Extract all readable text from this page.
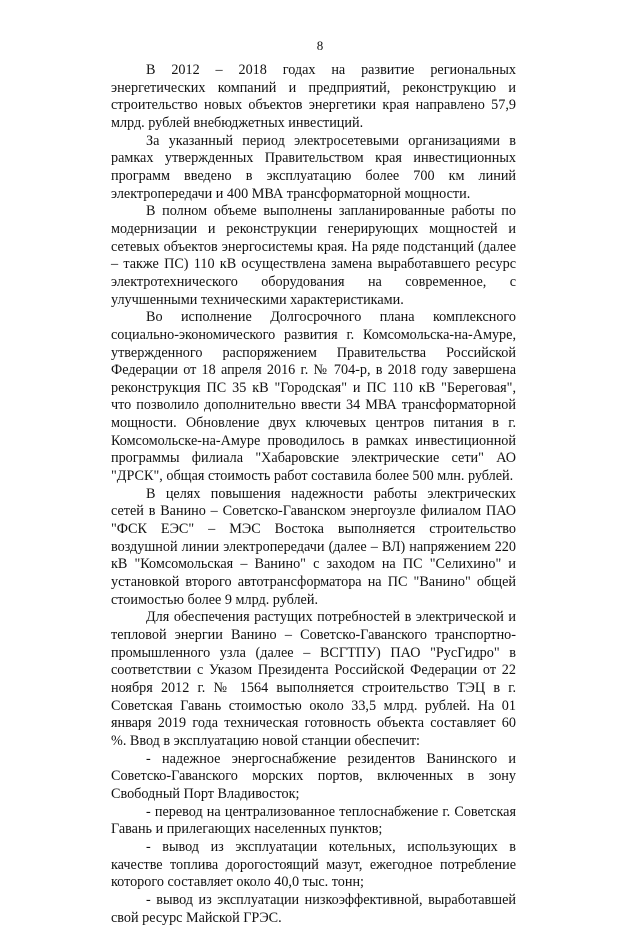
8

В 2012 – 2018 годах на развитие региональных энергетических компаний и предприятий, реконструкцию и строительство новых объектов энергетики края направлено 57,9 млрд. рублей внебюджетных инвестиций.

За указанный период электросетевыми организациями в рамках утвержденных Правительством края инвестиционных программ введено в эксплуатацию более 700 км линий электропередачи и 400 МВА трансформаторной мощности.

В полном объеме выполнены запланированные работы по модернизации и реконструкции генерирующих мощностей и сетевых объектов энергосистемы края. На ряде подстанций (далее – также ПС) 110 кВ осуществлена замена выработавшего ресурс электротехнического оборудования на современное, с улучшенными техническими характеристиками.

Во исполнение Долгосрочного плана комплексного социально-экономического развития г. Комсомольска-на-Амуре, утвержденного распоряжением Правительства Российской Федерации от 18 апреля 2016 г. № 704-р, в 2018 году завершена реконструкция ПС 35 кВ "Городская" и ПС 110 кВ "Береговая", что позволило дополнительно ввести 34 МВА трансформаторной мощности. Обновление двух ключевых центров питания в г. Комсомольске-на-Амуре проводилось в рамках инвестиционной программы филиала "Хабаровские электрические сети" АО "ДРСК", общая стоимость работ составила более 500 млн. рублей.

В целях повышения надежности работы электрических сетей в Ванино – Советско-Гаванском энергоузле филиалом ПАО "ФСК ЕЭС" – МЭС Востока выполняется строительство воздушной линии электропередачи (далее – ВЛ) напряжением 220 кВ "Комсомольская – Ванино" с заходом на ПС "Селихино" и установкой второго автотрансформатора на ПС "Ванино" общей стоимостью более 9 млрд. рублей.

Для обеспечения растущих потребностей в электрической и тепловой энергии Ванино – Советско-Гаванского транспортно-промышленного узла (далее – ВСГТПУ) ПАО "РусГидро" в соответствии с Указом Президента Российской Федерации от 22 ноября 2012 г. № 1564 выполняется строительство ТЭЦ в г. Советская Гавань стоимостью около 33,5 млрд. рублей. На 01 января 2019 года техническая готовность объекта составляет 60 %. Ввод в эксплуатацию новой станции обеспечит:

- надежное энергоснабжение резидентов Ванинского и Советско-Гаванского морских портов, включенных в зону Свободный Порт Владивосток;

- перевод на централизованное теплоснабжение г. Советская Гавань и прилегающих населенных пунктов;

- вывод из эксплуатации котельных, использующих в качестве топлива дорогостоящий мазут, ежегодное потребление которого составляет около 40,0 тыс. тонн;

- вывод из эксплуатации низкоэффективной, выработавшей свой ресурс Майской ГРЭС.
